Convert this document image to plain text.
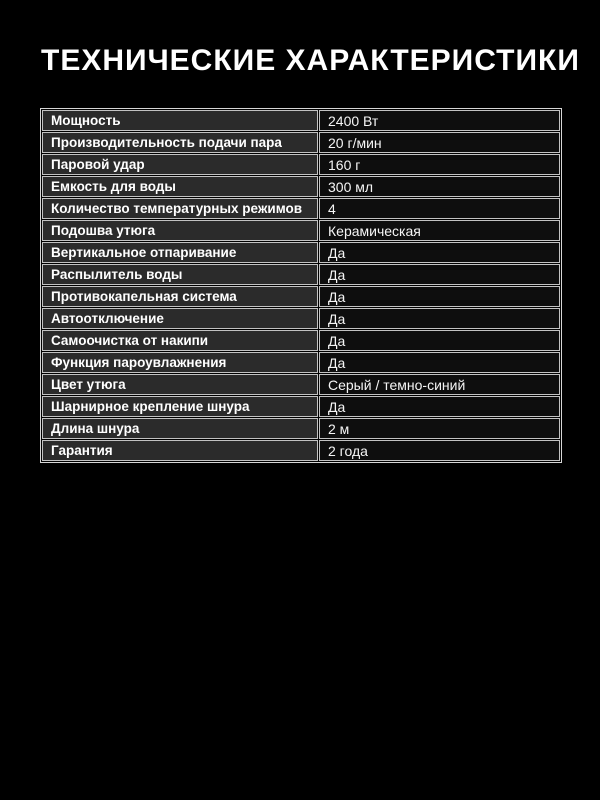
ТЕХНИЧЕСКИЕ ХАРАКТЕРИСТИКИ
Мощность	2400 Вт
Производительность подачи пара	20 г/мин
Паровой удар	160 г
Емкость для воды	300 мл
Количество температурных режимов	4
Подошва утюга	Керамическая
Вертикальное отпаривание	Да
Распылитель воды	Да
Противокапельная система	Да
Автоотключение	Да
Самоочистка от накипи	Да
Функция пароувлажнения	Да
Цвет утюга	Серый / темно-синий
Шарнирное крепление шнура	Да
Длина шнура	2 м
Гарантия	2 года
